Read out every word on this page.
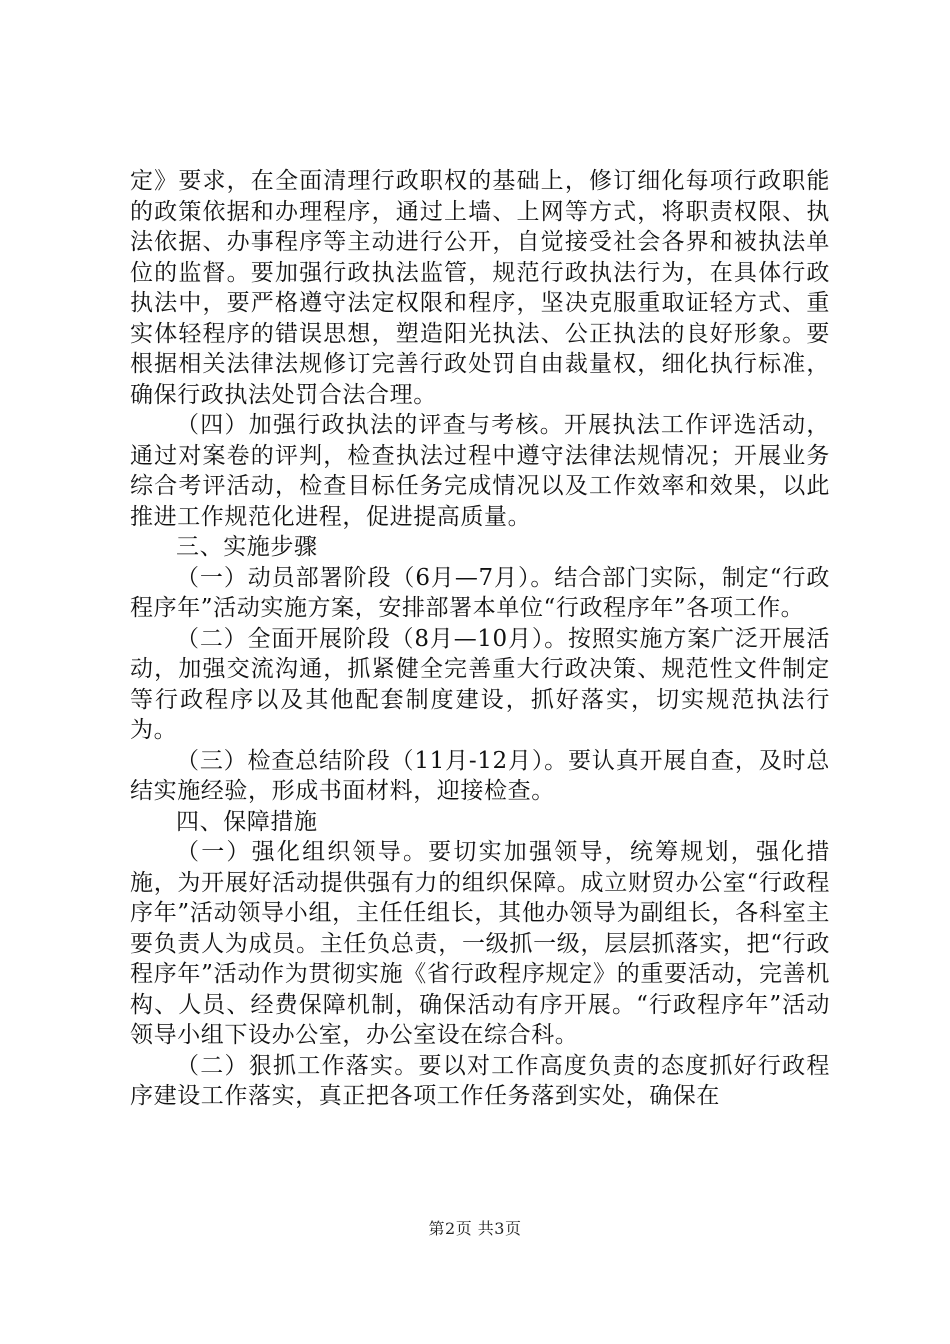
定》要求，在全面清理行政职权的基础上，修订细化每项行政职能的政策依据和办理程序，通过上墙、上网等方式，将职责权限、执法依据、办事程序等主动进行公开，自觉接受社会各界和被执法单位的监督。要加强行政执法监管，规范行政执法行为，在具体行政执法中，要严格遵守法定权限和程序，坚决克服重取证轻方式、重实体轻程序的错误思想，塑造阳光执法、公正执法的良好形象。要根据相关法律法规修订完善行政处罚自由裁量权，细化执行标准，确保行政执法处罚合法合理。

（四）加强行政执法的评查与考核。开展执法工作评选活动，通过对案卷的评判，检查执法过程中遵守法律法规情况；开展业务综合考评活动，检查目标任务完成情况以及工作效率和效果，以此推进工作规范化进程，促进提高质量。

三、实施步骤

（一）动员部署阶段（6月—7月）。结合部门实际，制定“行政程序年”活动实施方案，安排部署本单位“行政程序年”各项工作。

（二）全面开展阶段（8月—10月）。按照实施方案广泛开展活动，加强交流沟通，抓紧健全完善重大行政决策、规范性文件制定等行政程序以及其他配套制度建设，抓好落实，切实规范执法行为。

（三）检查总结阶段（11月-12月）。要认真开展自查，及时总结实施经验，形成书面材料，迎接检查。

四、保障措施

（一）强化组织领导。要切实加强领导，统筹规划，强化措施，为开展好活动提供强有力的组织保障。成立财贸办公室“行政程序年”活动领导小组，主任任组长，其他办领导为副组长，各科室主要负责人为成员。主任负总责，一级抓一级，层层抓落实，把“行政程序年”活动作为贯彻实施《省行政程序规定》的重要活动，完善机构、人员、经费保障机制，确保活动有序开展。“行政程序年”活动领导小组下设办公室，办公室设在综合科。

（二）狠抓工作落实。要以对工作高度负责的态度抓好行政程序建设工作落实，真正把各项工作任务落到实处，确保在

第2页 共3页
